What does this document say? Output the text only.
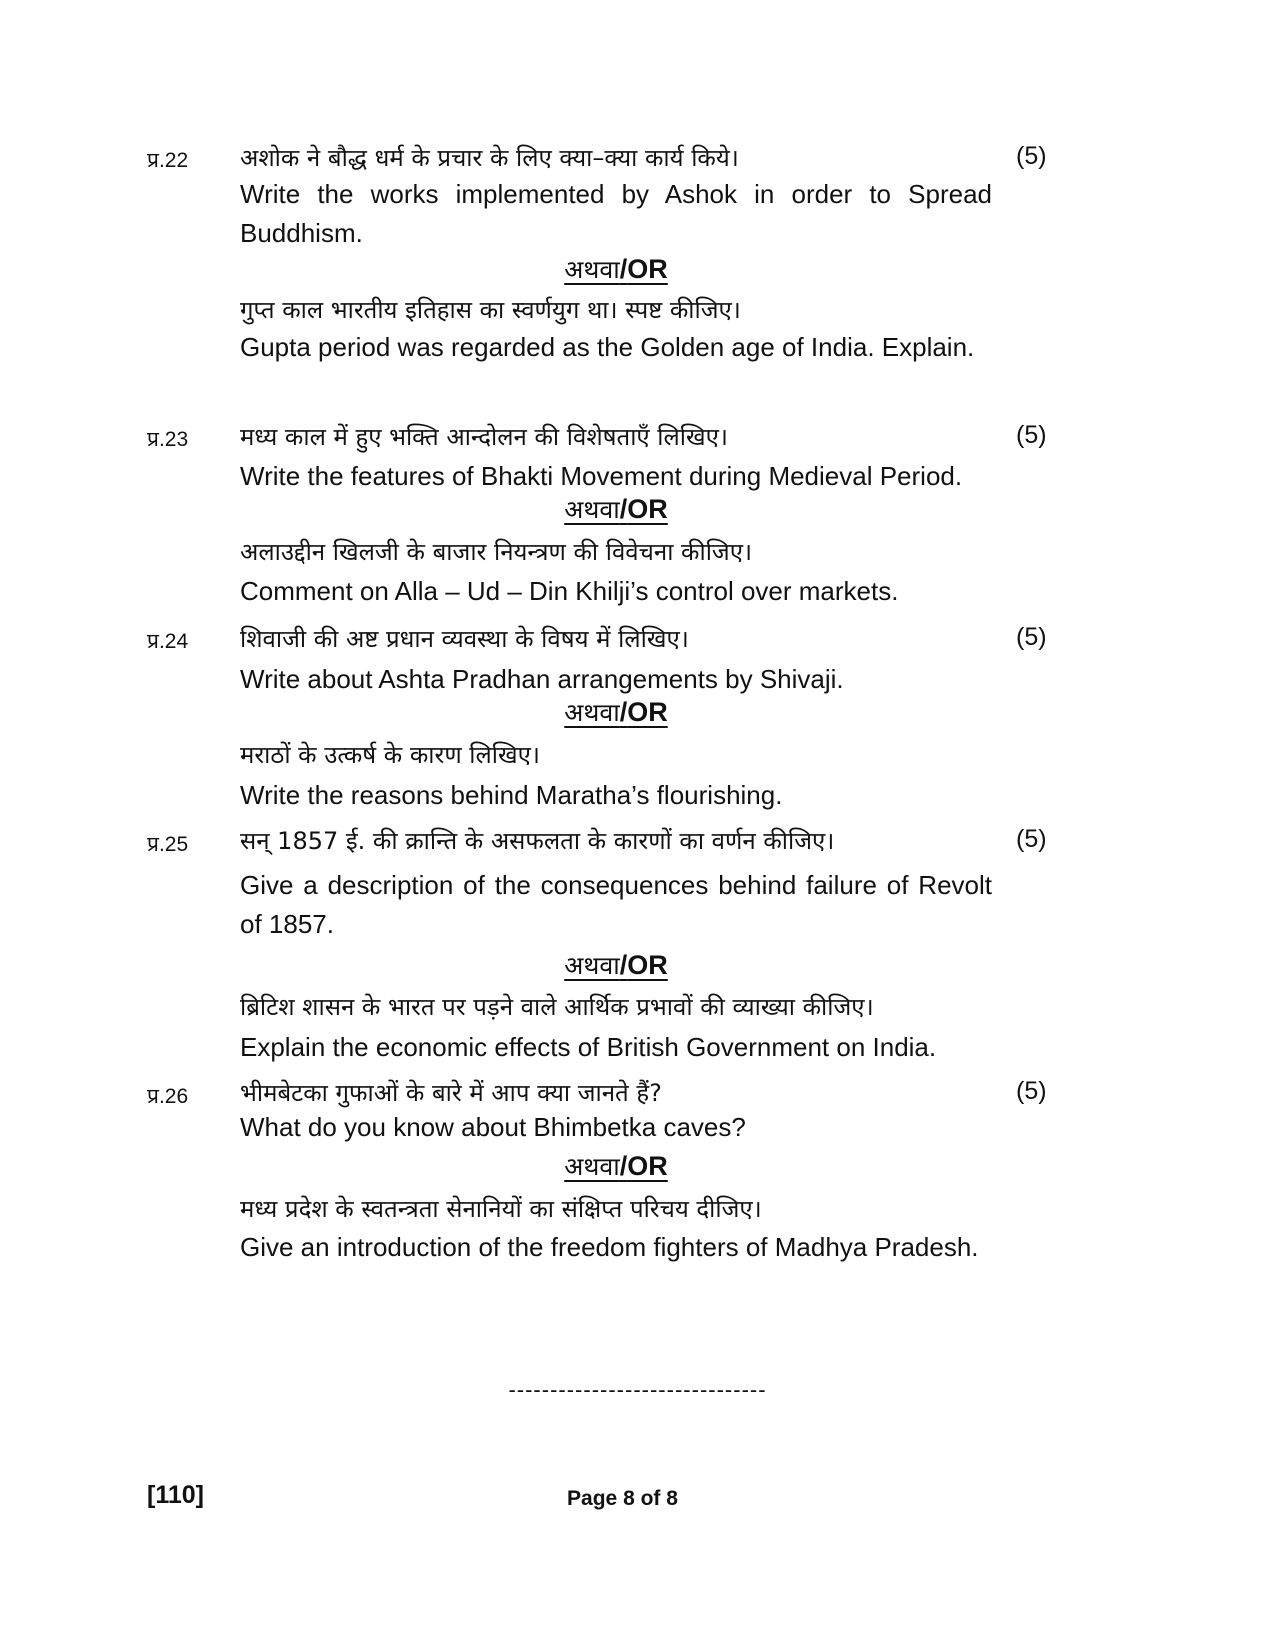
प्र.22 अशोक ने बौद्ध धर्म के प्रचार के लिए क्या–क्या कार्य किये।	(5)
Write the works implemented by Ashok in order to Spread Buddhism.
अथवा/OR
गुप्त काल भारतीय इतिहास का स्वर्णयुग था। स्पष्ट कीजिए।
Gupta period was regarded as the Golden age of India. Explain.
प्र.23 मध्य काल में हुए भक्ति आन्दोलन की विशेषताएँ लिखिए।	(5)
Write the features of Bhakti Movement during Medieval Period.
अथवा/OR
अलाउद्दीन खिलजी के बाजार नियन्त्रण की विवेचना कीजिए।
Comment on Alla – Ud – Din Khilji’s control over markets.
प्र.24 शिवाजी की अष्ट प्रधान व्यवस्था के विषय में लिखिए।	(5)
Write about Ashta Pradhan arrangements by Shivaji.
अथवा/OR
मराठों के उत्कर्ष के कारण लिखिए।
Write the reasons behind Maratha’s flourishing.
प्र.25 सन् 1857 ई. की क्रान्ति के असफलता के कारणों का वर्णन कीजिए।	(5)
Give a description of the consequences behind failure of Revolt of 1857.
अथवा/OR
ब्रिटिश शासन के भारत पर पड़ने वाले आर्थिक प्रभावों की व्याख्या कीजिए।
Explain the economic effects of British Government on India.
प्र.26 भीमबेटका गुफाओं के बारे में आप क्या जानते हैं?	(5)
What do you know about Bhimbetka caves?
अथवा/OR
मध्य प्रदेश के स्वतन्त्रता सेनानियों का संक्षिप्त परिचय दीजिए।
Give an introduction of the freedom fighters of Madhya Pradesh.
-------------------------------
[110]	Page 8 of 8
